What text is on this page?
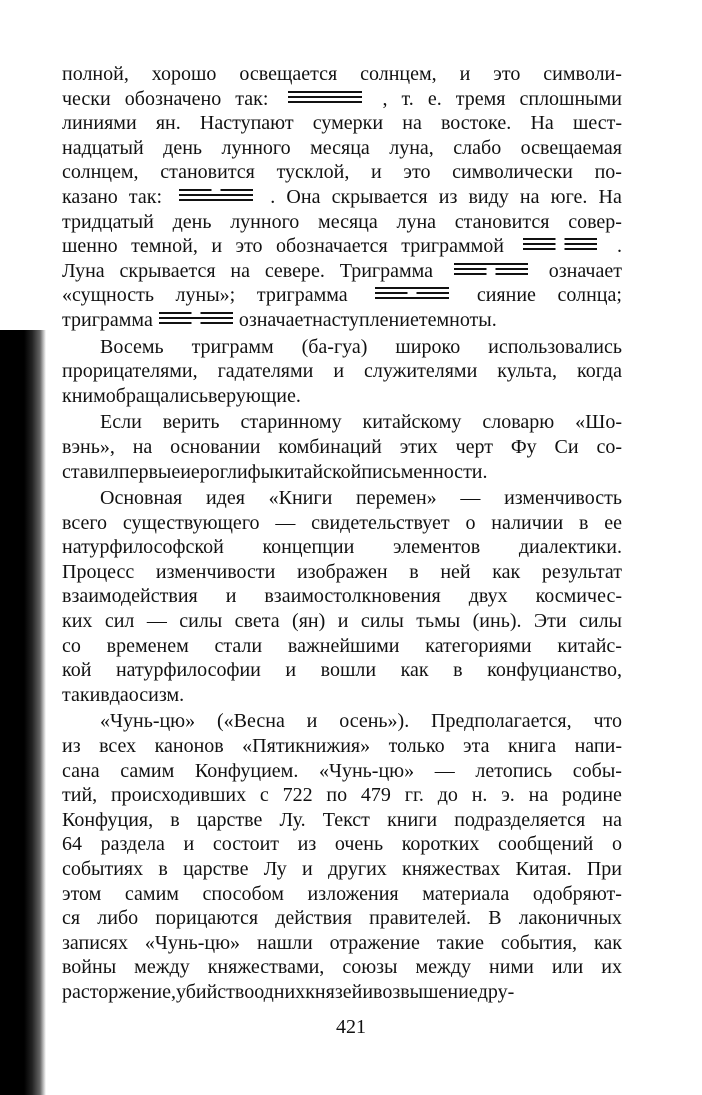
полной, хорошо освещается солнцем, и это символи-
чески обозначено так:	, т. е. тремя сплошными
линиями ян. Наступают сумерки на востоке. На шест-
надцатый день лунного месяца луна, слабо освещаемая
солнцем, становится тусклой, и это символически по-
казано так:	. Она скрывается из виду на юге. На
тридцатый день лунного месяца луна становится совер-
шенно темной, и это обозначается триграммой	.
Луна скрывается на севере. Триграмма	означает
«сущность луны»; триграмма	сияние солнца;
триграмма	означает наступление темноты.
Восемь триграмм (ба-гуа) широко использовались
прорицателями, гадателями и служителями культа, когда
к ним обращались верующие.
Если верить старинному китайскому словарю «Шо-
вэнь», на основании комбинаций этих черт Фу Си со-
ставил первые иероглифы китайской письменности.
Основная идея «Книги перемен» — изменчивость
всего существующего — свидетельствует о наличии в ее
натурфилософской концепции элементов диалектики.
Процесс изменчивости изображен в ней как результат
взаимодействия и взаимостолкновения двух космичес-
ких сил — силы света (ян) и силы тьмы (инь). Эти силы
со временем стали важнейшими категориями китайс-
кой натурфилософии и вошли как в конфуцианство,
так и в даосизм.
«Чунь-цю» («Весна и осень»). Предполагается, что
из всех канонов «Пятикнижия» только эта книга напи-
сана самим Конфуцием. «Чунь-цю» — летопись собы-
тий, происходивших с 722 по 479 гг. до н. э. на родине
Конфуция, в царстве Лу. Текст книги подразделяется на
64 раздела и состоит из очень коротких сообщений о
событиях в царстве Лу и других княжествах Китая. При
этом самим способом изложения материала одобряют-
ся либо порицаются действия правителей. В лаконичных
записях «Чунь-цю» нашли отражение такие события, как
войны между княжествами, союзы между ними или их
расторжение, убийство одних князей и возвышение дру-
421
